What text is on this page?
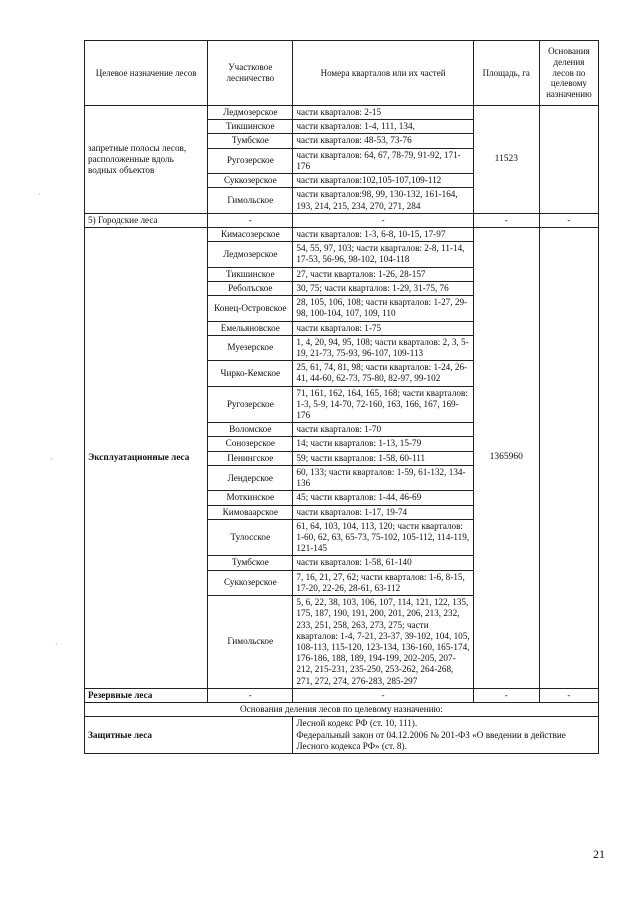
Целевое назначение лесов	Участковое лесничество	Номера кварталов или их частей	Площадь, га	Основания деления лесов по целевому назначению
запретные полосы лесов, расположенные вдоль водных объектов	Ледмозерское	части кварталов: 2-15	11523	
	Тикшинское	части кварталов: 1-4, 111, 134,		
	Тумбское	части кварталов: 48-53, 73-76		
	Ругозерское	части кварталов: 64, 67, 78-79, 91-92, 171-176		
	Суккозерское	части кварталов:102,105-107,109-112		
	Гимольское	части кварталов:98, 99, 130-132, 161-164, 193, 214, 215, 234, 270, 271, 284		
5) Городские леса	-	-	-	-
Эксплуатационные леса	Кимасозерское	части кварталов: 1-3, 6-8, 10-15, 17-97	1365960	
	Ледмозерское	54, 55, 97, 103; части кварталов: 2-8, 11-14, 17-53, 56-96, 98-102, 104-118		
	Тикшинское	27, части кварталов: 1-26, 28-157		
	Реболъское	30, 75; части кварталов: 1-29, 31-75, 76		
	Конец-Островское	28, 105, 106, 108; части кварталов: 1-27, 29-98, 100-104, 107, 109, 110		
	Емельяновское	части кварталов: 1-75		
	Муезерское	1, 4, 20, 94, 95, 108; части кварталов: 2, 3, 5-19, 21-73, 75-93, 96-107, 109-113		
	Чирко-Кемское	25, 61, 74, 81, 98; части кварталов: 1-24, 26-41, 44-60, 62-73, 75-80, 82-97, 99-102		
	Ругозерское	71, 161, 162, 164, 165, 168; части кварталов: 1-3, 5-9, 14-70, 72-160, 163, 166, 167, 169-176		
	Воломское	части кварталов: 1-70		
	Сонозерское	14; части кварталов: 1-13, 15-79		
	Пенингское	59; части кварталов: 1-58, 60-111		
	Лендерское	60, 133; части кварталов: 1-59, 61-132, 134-136		
	Моткинское	45; части кварталов: 1-44, 46-69		
	Кимоваарское	части кварталов: 1-17, 19-74		
	Тулосское	61, 64, 103, 104, 113, 120; части кварталов: 1-60, 62, 63, 65-73, 75-102, 105-112, 114-119, 121-145		
	Тумбское	части кварталов: 1-58, 61-140		
	Суккозерское	7, 16, 21, 27, 62; части кварталов: 1-6, 8-15, 17-20, 22-26, 28-61, 63-112		
	Гимольское	5, 6, 22, 38, 103, 106, 107, 114, 121, 122, 135, 175, 187, 190, 191, 200, 201, 206, 213, 232, 233, 251, 258, 263, 273, 275; части кварталов: 1-4, 7-21, 23-37, 39-102, 104, 105, 108-113, 115-120, 123-134, 136-160, 165-174, 176-186, 188, 189, 194-199, 202-205, 207-212, 215-231, 235-250, 253-262, 264-268, 271, 272, 274, 276-283, 285-297		
Резервные леса	-	-	-	-
Основания деления лесов по целевому назначению:				
Защитные леса		Лесной кодекс РФ (ст. 10, 111).
Федеральный закон от 04.12.2006 № 201-ФЗ «О введении в действие Лесного кодекса РФ» (ст. 8).		
21
·
·
·
